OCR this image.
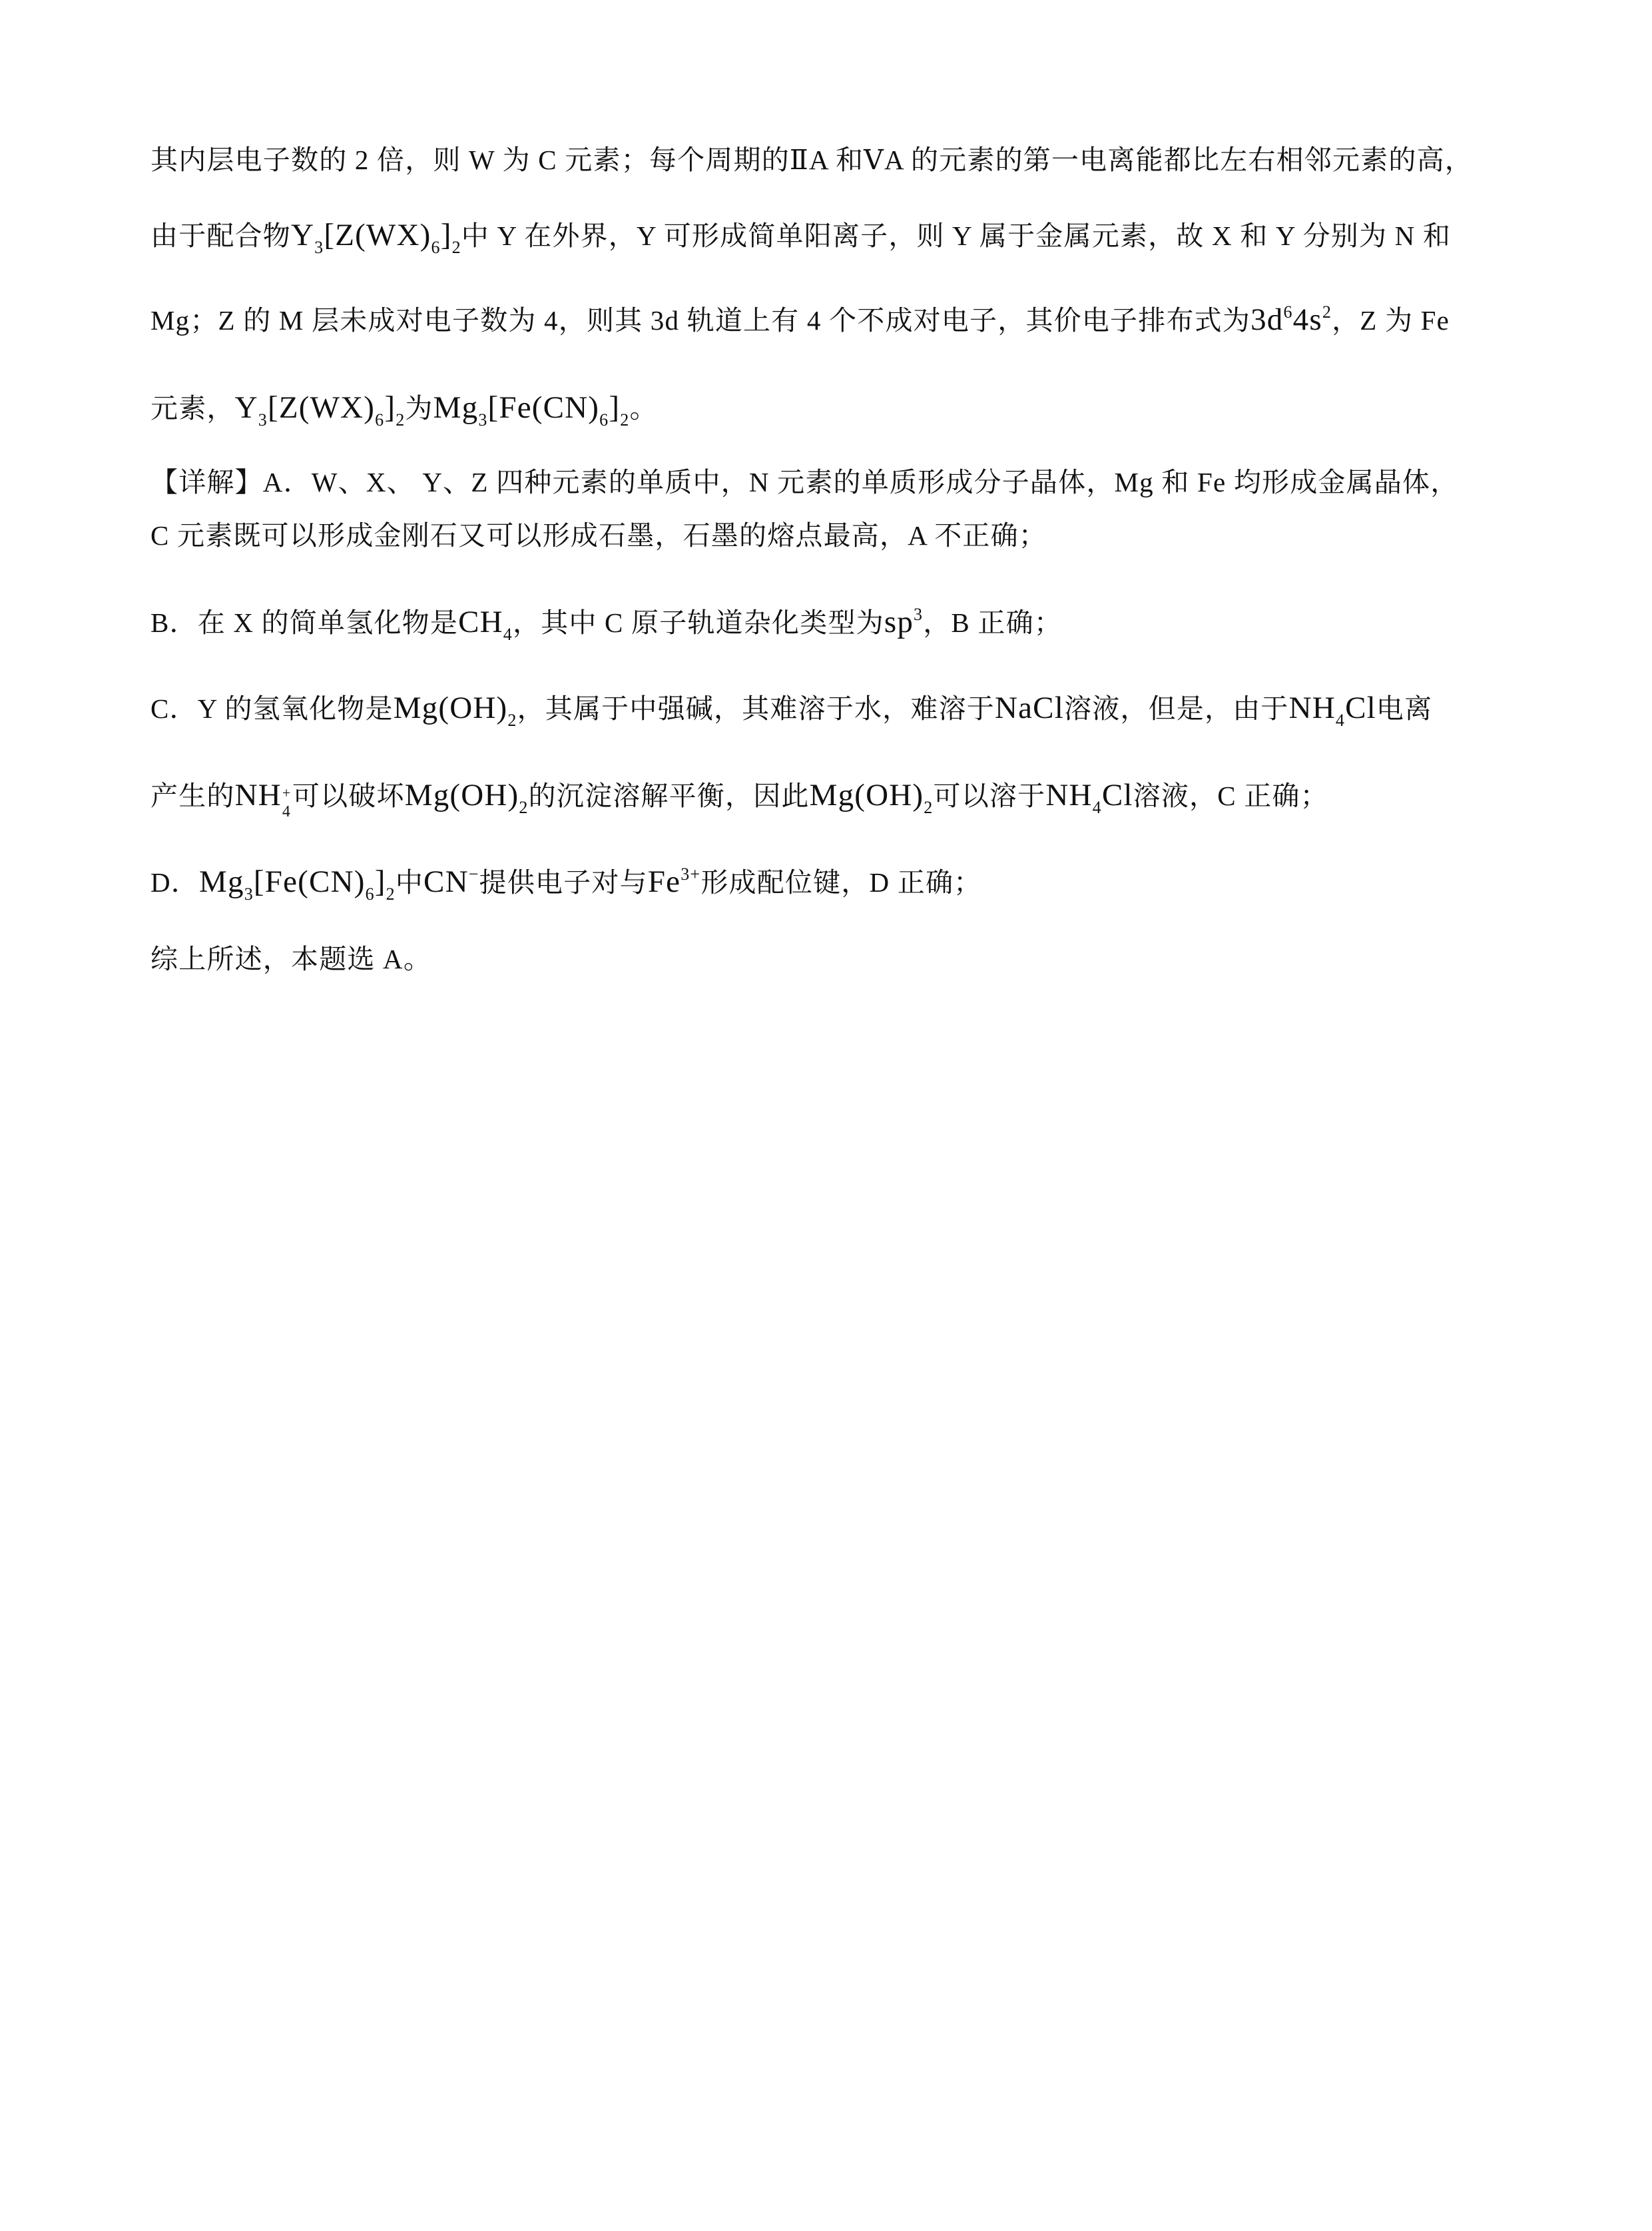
其内层电子数的 2 倍，则 W 为 C 元素；每个周期的ⅡA 和ⅤA 的元素的第一电离能都比左右相邻元素的高，
由于配合物$Y_3[Z(WX)_6]_2$中 Y 在外界，Y 可形成简单阳离子，则 Y 属于金属元素，故 X 和 Y 分别为 N 和
Mg；Z 的 M 层未成对电子数为 4，则其 3d 轨道上有 4 个不成对电子，其价电子排布式为$3d^64s^2$，Z 为 Fe
元素，$Y_3[Z(WX)_6]_2$为$Mg_3[Fe(CN)_6]_2$。
【详解】A．W、X、 Y、Z 四种元素的单质中，N 元素的单质形成分子晶体，Mg 和 Fe 均形成金属晶体，
C 元素既可以形成金刚石又可以形成石墨，石墨的熔点最高，A 不正确；
B．在 X 的简单氢化物是$CH_4$，其中 C 原子轨道杂化类型为$sp^3$，B 正确；
C．Y 的氢氧化物是$Mg(OH)_2$，其属于中强碱，其难溶于水，难溶于NaCl溶液，但是，由于$NH_4Cl$电离
产生的NH +
4
可以破坏$Mg(OH)_2$的沉淀溶解平衡，因此$Mg(OH)_2$可以溶于$NH_4Cl$溶液，C 正确；
D．$Mg_3[Fe(CN)_6]_2$中CN−提供电子对与$Fe^{3+}$形成配位键，D 正确；
综上所述，本题选 A。
